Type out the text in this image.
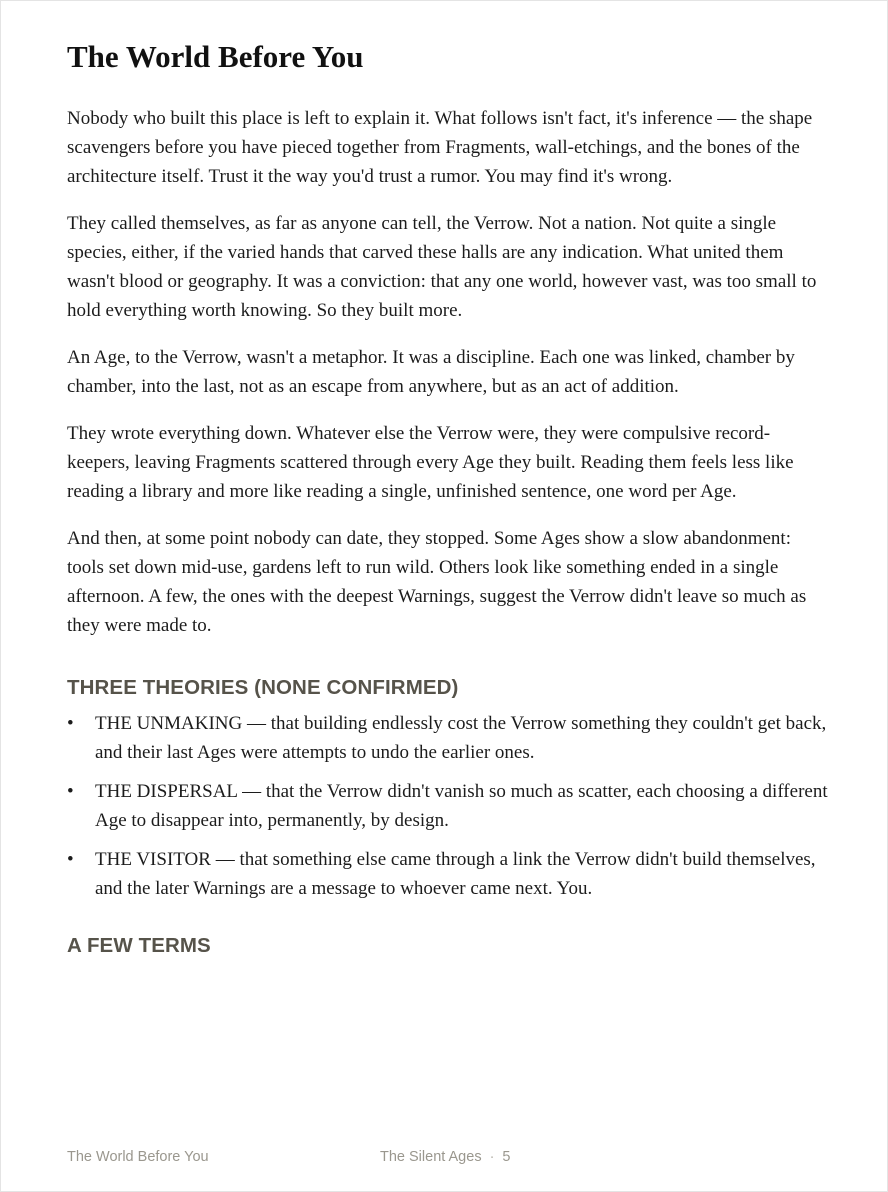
The World Before You

Nobody who built this place is left to explain it. What follows isn't fact, it's inference — the shape scavengers before you have pieced together from Fragments, wall-etchings, and the bones of the architecture itself. Trust it the way you'd trust a rumor. You may find it's wrong.

They called themselves, as far as anyone can tell, the Verrow. Not a nation. Not quite a single species, either, if the varied hands that carved these halls are any indication. What united them wasn't blood or geography. It was a conviction: that any one world, however vast, was too small to hold everything worth knowing. So they built more.

An Age, to the Verrow, wasn't a metaphor. It was a discipline. Each one was linked, chamber by chamber, into the last, not as an escape from anywhere, but as an act of addition.

They wrote everything down. Whatever else the Verrow were, they were compulsive record-keepers, leaving Fragments scattered through every Age they built. Reading them feels less like reading a library and more like reading a single, unfinished sentence, one word per Age.

And then, at some point nobody can date, they stopped. Some Ages show a slow abandonment: tools set down mid-use, gardens left to run wild. Others look like something ended in a single afternoon. A few, the ones with the deepest Warnings, suggest the Verrow didn't leave so much as they were made to.

THREE THEORIES (NONE CONFIRMED)
• THE UNMAKING — that building endlessly cost the Verrow something they couldn't get back, and their last Ages were attempts to undo the earlier ones.
• THE DISPERSAL — that the Verrow didn't vanish so much as scatter, each choosing a different Age to disappear into, permanently, by design.
• THE VISITOR — that something else came through a link the Verrow didn't build themselves, and the later Warnings are a message to whoever came next. You.
A FEW TERMS
The World Before You	The Silent Ages · 5
